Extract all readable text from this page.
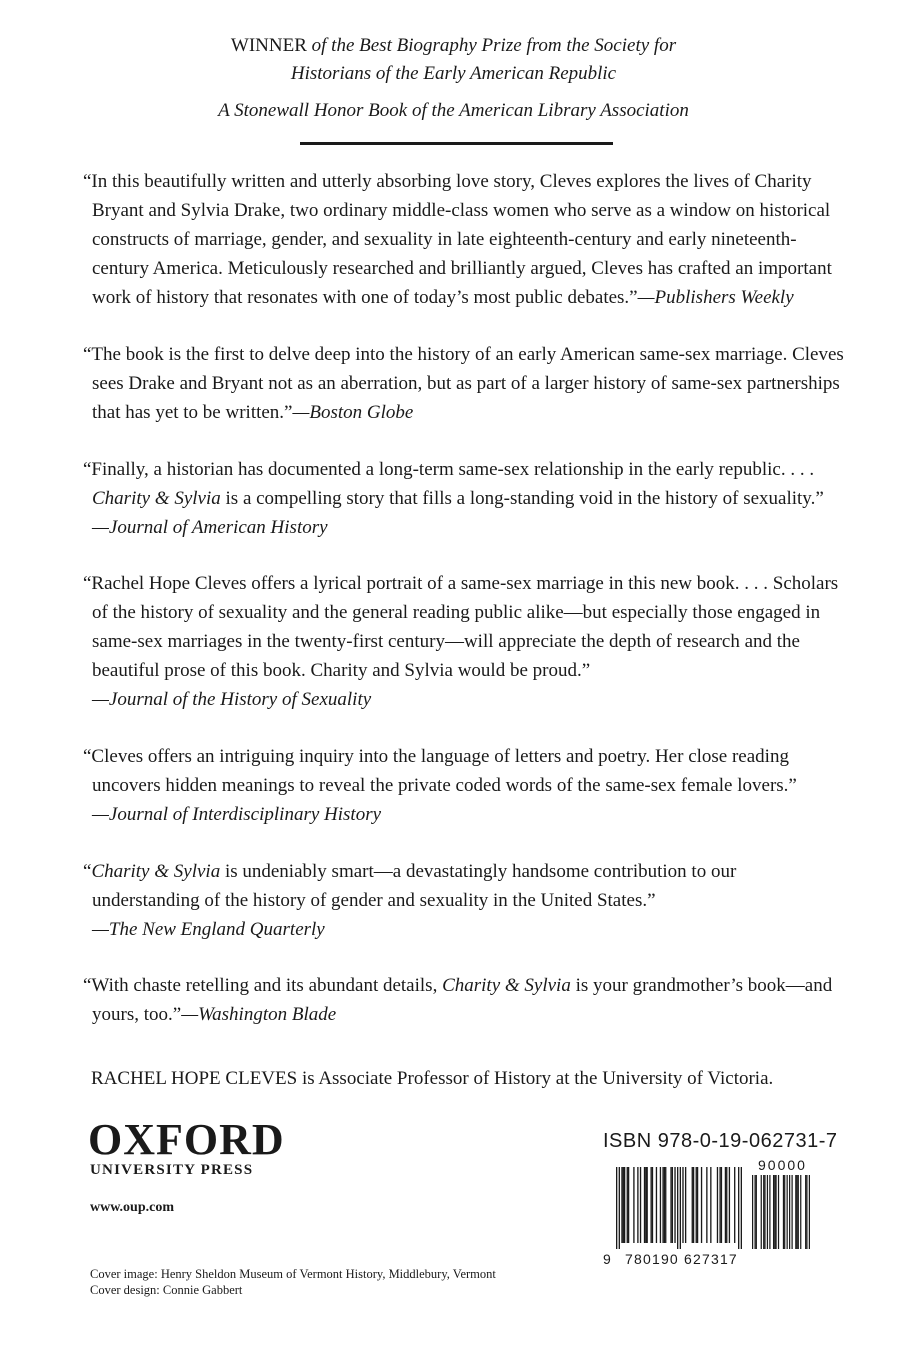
WINNER of the Best Biography Prize from the Society for
Historians of the Early American Republic
A Stonewall Honor Book of the American Library Association
“In this beautifully written and utterly absorbing love story, Cleves explores the lives of Charity
Bryant and Sylvia Drake, two ordinary middle-class women who serve as a window on historical
constructs of marriage, gender, and sexuality in late eighteenth-century and early nineteenth-
century America. Meticulously researched and brilliantly argued, Cleves has crafted an important
work of history that resonates with one of today’s most public debates.”—Publishers Weekly
“The book is the first to delve deep into the history of an early American same-sex marriage. Cleves
sees Drake and Bryant not as an aberration, but as part of a larger history of same-sex partnerships
that has yet to be written.”—Boston Globe
“Finally, a historian has documented a long-term same-sex relationship in the early republic. . . .
Charity & Sylvia is a compelling story that fills a long-standing void in the history of sexuality.”
—Journal of American History
“Rachel Hope Cleves offers a lyrical portrait of a same-sex marriage in this new book. . . . Scholars
of the history of sexuality and the general reading public alike—but especially those engaged in
same-sex marriages in the twenty-first century—will appreciate the depth of research and the
beautiful prose of this book. Charity and Sylvia would be proud.”
—Journal of the History of Sexuality
“Cleves offers an intriguing inquiry into the language of letters and poetry. Her close reading
uncovers hidden meanings to reveal the private coded words of the same-sex female lovers.”
—Journal of Interdisciplinary History
“Charity & Sylvia is undeniably smart—a devastatingly handsome contribution to our
understanding of the history of gender and sexuality in the United States.”
—The New England Quarterly
“With chaste retelling and its abundant details, Charity & Sylvia is your grandmother’s book—and
yours, too.”—Washington Blade
RACHEL HOPE CLEVES is Associate Professor of History at the University of Victoria.
OXFORD
UNIVERSITY PRESS
www.oup.com
Cover image: Henry Sheldon Museum of Vermont History, Middlebury, Vermont
Cover design: Connie Gabbert
ISBN 978-0-19-062731-7
90000
9 780190 627317
